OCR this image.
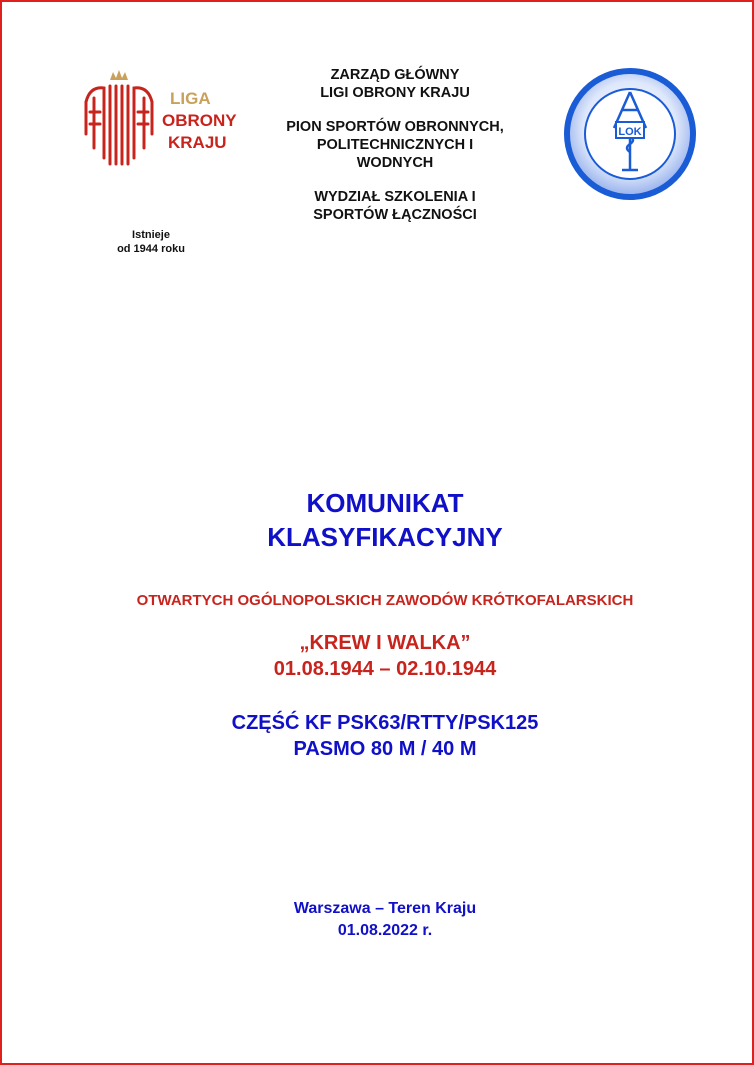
LIGA
OBRONY
KRAJU
Istnieje
od 1944 roku

ZARZĄD GŁÓWNY
LIGI OBRONY KRAJU

PION SPORTÓW OBRONNYCH,
POLITECHNICZNYCH I
WODNYCH

WYDZIAŁ SZKOLENIA I
SPORTÓW ŁĄCZNOŚCI

LOK
KOMUNIKAT
KLASYFIKACYJNY
OTWARTYCH OGÓLNOPOLSKICH ZAWODÓW KRÓTKOFALARSKICH
„KREW I WALKA”
01.08.1944 – 02.10.1944
CZĘŚĆ KF PSK63/RTTY/PSK125
PASMO 80 M / 40 M
Warszawa – Teren Kraju
01.08.2022 r.
